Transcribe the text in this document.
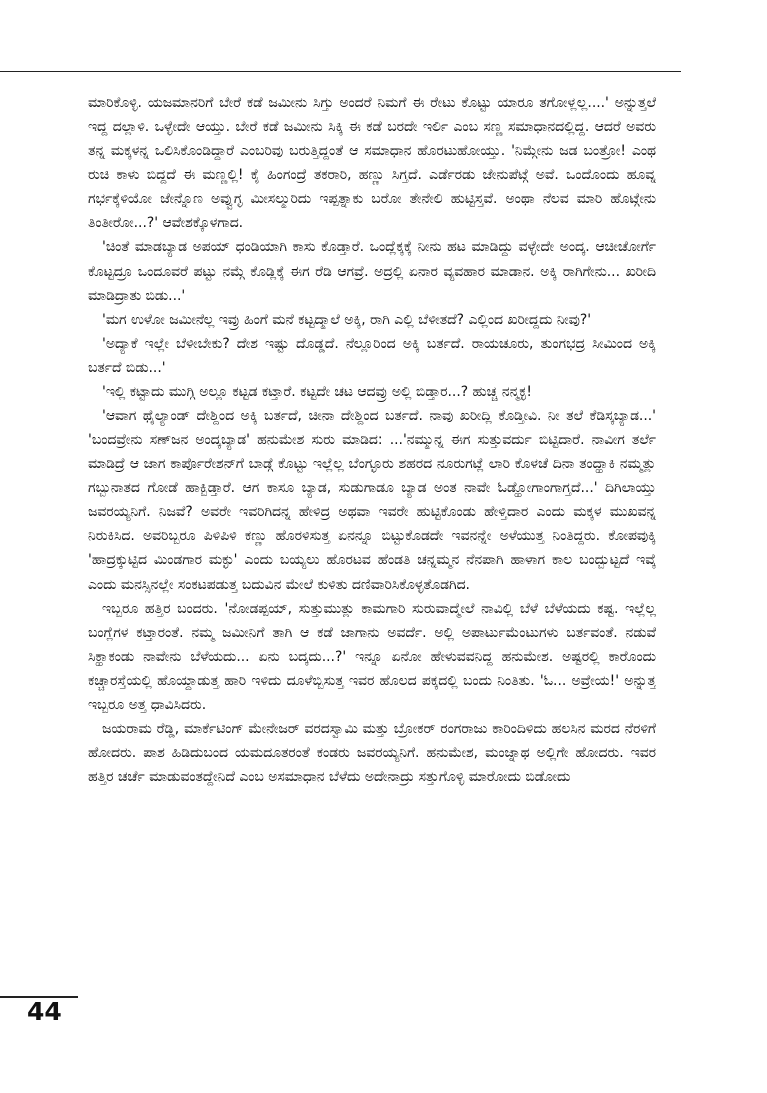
ಮಾರಿಕೊಳ್ಳಿ. ಯಜಮಾನರಿಗೆ ಬೇರೆ ಕಡೆ ಜಮೀನು ಸಿಗ್ತು ಅಂದರೆ ನಿಮಗೆ ಈ ರೇಟು ಕೊಟ್ಟು ಯಾರೂ ತಗೋಳ್ಲಲ್ಲ....' ಅನ್ನುತ್ತಲೆ ಇದ್ದ ದಲ್ಲಾಳಿ. ಒಳ್ಳೇದೇ ಆಯ್ತು. ಬೇರೆ ಕಡೆ ಜಮೀನು ಸಿಕ್ಕಿ ಈ ಕಡೆ ಬರದೇ ಇರ್ಲಿ ಎಂಬ ಸಣ್ಣ ಸಮಾಧಾನದಲ್ಲಿದ್ದ. ಆದರೆ ಅವರು ತನ್ನ ಮಕ್ಕಳನ್ನ ಒಲಿಸಿಕೊಂಡಿದ್ದಾರೆ ಎಂಬರಿವು ಬರುತ್ತಿದ್ದಂತೆ ಆ ಸಮಾಧಾನ ಹೊರಟುಹೋಯ್ತು. 'ನಿಮ್ಗೇನು ಜಡ ಬಂತ್ರೋ! ಎಂಥ ರುಚಿ ಕಾಳು ಬಿದ್ದದೆ ಈ ಮಣ್ಣಲ್ಲಿ! ಕೈ ಹಿಂಗಂದ್ರೆ ತಕರಾರಿ, ಹಣ್ಣು ಸಿಗ್ತದೆ. ಎರ್ಡೆರಡು ಜೇನುಪೆಟ್ಗೆ ಅವೆ. ಒಂದೊಂದು ಹೂವ್ನ ಗರ್ಭಕ್ಕೆಳಿಯೋ ಜೇನ್ನೊಣ ಅವ್ವುಗ್ಳ ಮೀಸಲ್ಮುರಿದು ಇಪ್ಪತ್ನಾಕು ಬರೋ ತೇನೇಲಿ ಹುಟ್ಟಿಸ್ತವೆ. ಅಂಥಾ ನೆಲವ ಮಾರಿ ಹೊಟ್ಗೇನು ತಿಂತೀರೋ...?' ಆವೇಶಕ್ಕೊಳಗಾದ.

'ಚಿಂತೆ ಮಾಡಬ್ಯಾಡ ಅಪಯ್ ಧಂಡಿಯಾಗಿ ಕಾಸು ಕೊಡ್ತಾರೆ. ಒಂದ್ಲೆಕ್ಕಕ್ಕೆ ನೀನು ಹಟ ಮಾಡಿದ್ದು ವಳ್ಳೇದೇ ಅಂದ್ಕ. ಆಚೀಚೋರ್ಗೆ ಕೊಟ್ಟದ್ರೂ ಒಂದೂವರೆ ಪಟ್ಟು ನಮ್ಗೆ ಕೊಡ್ಲಿಕ್ಕೆ ಈಗ ರೆಡಿ ಆಗವ್ರೆ. ಅದ್ರಲ್ಲಿ ಏನಾರ ವ್ಯವಹಾರ ಮಾಡಾನ. ಅಕ್ಕಿ ರಾಗಿಗೇನು... ಖರೀದಿ ಮಾಡಿದ್ರಾತು ಬಿಡು...'

'ಮಗ ಉಳೋ ಜಮೀನೆಲ್ಲ ಇವ್ರು ಹಿಂಗೆ ಮನೆ ಕಟ್ಟದ್ಮಾಲೆ ಅಕ್ಕಿ, ರಾಗಿ ಎಲ್ಲಿ ಬೆಳೀತದೆ? ಎಲ್ಲಿಂದ ಖರೀದ್ದದು ನೀವು?'

'ಅದ್ಯಾಕೆ ಇಲ್ಲೇ ಬೆಳೀಬೇಕು? ದೇಶ ಇಷ್ಟು ದೊಡ್ಡದೆ. ನೆಲ್ಲೂರಿಂದ ಅಕ್ಕಿ ಬರ್ತದೆ. ರಾಯಚೂರು, ತುಂಗಭದ್ರ ಸೀಮಿಂದ ಅಕ್ಕಿ ಬರ್ತದೆ ಬಿಡು...'

'ಇಲ್ಲಿ ಕಟ್ಟಾದು ಮುಗ್ಗಿ ಅಲ್ಲೂ ಕಟ್ಟಡ ಕಟ್ತಾರೆ. ಕಟ್ಟದೇ ಚಟ ಆದವ್ರು ಅಲ್ಲಿ ಬಿಡ್ತಾರ...? ಹುಚ್ಚ ನನ್ಮಕ್ಳ!

'ಆವಾಗ ಥೈಲ್ಯಾಂಡ್ ದೇಶ್ದಿಂದ ಅಕ್ಕಿ ಬರ್ತದೆ, ಚೀನಾ ದೇಶ್ದಿಂದ ಬರ್ತದೆ. ನಾವು ಖರೀದ್ಲಿ ಕೊಡ್ತೀವಿ. ನೀ ತಲೆ ಕೆಡಿಸ್ಕಬ್ಯಾಡ...' 'ಬಂದವ್ರೇನು ಸಣ್‌ಜನ ಅಂದ್ಕಬ್ಯಾಡ' ಹನುಮೇಶ ಸುರು ಮಾಡಿದ: ...'ನಮ್ಮುನ್ನ ಈಗ ಸುತ್ತುವರ್ದು ಬಿಟ್ಟಿದಾರೆ. ನಾವೀಗ ತರ್ಲೆ ಮಾಡಿದ್ರೆ ಆ ಜಾಗ ಕಾರ್ಪೊರೇಶನ್‌ಗೆ ಬಾಡ್ಗೆ ಕೊಟ್ಟು ಇಲ್ಲೆಲ್ಲ ಬೆಂಗ್ಳೂರು ಶಹರದ ನೂರುಗಟ್ಲೆ ಲಾರಿ ಕೊಳಚೆ ದಿನಾ ತಂದ್ಹಾಕಿ ನಮ್ಮತ್ಲು ಗಬ್ಬುನಾತದ ಗೋಡೆ ಹಾಕ್ಬಿಡ್ತಾರೆ. ಆಗ ಕಾಸೂ ಬ್ಯಾಡ, ಸುಡುಗಾಡೂ ಬ್ಯಾಡ ಅಂತ ನಾವೇ ಓಡ್ಹೋಗಾಂಗಾಗ್ತದೆ...' ದಿಗಿಲಾಯ್ತು ಜವರಯ್ಯನಿಗೆ. ನಿಜವೆ? ಅವರೇ ಇವರಿಗಿದನ್ನ ಹೇಳಿದ್ರ ಅಥವಾ ಇವರೇ ಹುಟ್ಟಿಕೊಂಡು ಹೇಳ್ತಿದಾರ ಎಂದು ಮಕ್ಕಳ ಮುಖವನ್ನ ನಿರುಕಿಸಿದ. ಅವರಿಬ್ಬರೂ ಪಿಳಿಪಿಳಿ ಕಣ್ಣು ಹೊರಳಿಸುತ್ತ ಏನನ್ನೂ ಬಿಟ್ಟುಕೊಡದೇ ಇವನನ್ನೇ ಅಳೆಯುತ್ತ ನಿಂತಿದ್ದರು. ಕೋಪವುಕ್ಕಿ 'ಹಾದ್ರಕ್ಕುಟ್ಟಿದ ಮಿಂಡಗಾರ ಮಕ್ಳು' ಎಂದು ಬಯ್ಯಲು ಹೊರಟವ ಹೆಂಡತಿ ಚನ್ನಮ್ಮನ ನೆನಪಾಗಿ ಹಾಳಾಗ ಕಾಲ ಬಂದ್ಬುಟ್ಟದೆ ಇವ್ಕೆ ಎಂದು ಮನಸ್ಸಿನಲ್ಲೇ ಸಂಕಟಪಡುತ್ತ ಬದುವಿನ ಮೇಲೆ ಕುಳಿತು ದಣಿವಾರಿಸಿಕೊಳ್ಳತೊಡಗಿದ.

ಇಬ್ಬರೂ ಹತ್ತಿರ ಬಂದರು. 'ನೋಡಪ್ಪಯ್, ಸುತ್ತುಮುತ್ಲು ಕಾಮಗಾರಿ ಸುರುವಾದ್ಮೇಲೆ ನಾವಿಲ್ಲಿ ಬೆಳೆ ಬೆಳೆಯದು ಕಷ್ಟ. ಇಲ್ಲೆಲ್ಲ ಬಂಗ್ಲೆಗಳ ಕಟ್ತಾರಂತೆ. ನಮ್ಮ ಜಮೀನಿಗೆ ತಾಗಿ ಆ ಕಡೆ ಜಾಗಾನು ಅವರ್ದೆ. ಅಲ್ಲಿ ಅಪಾರ್ಟುಮೆಂಟುಗಳು ಬರ್ತವಂತೆ. ನಡುವೆ ಸಿಕ್ಹಾಕಂಡು ನಾವೇನು ಬೆಳೆಯದು... ಏನು ಬದ್ಕದು...?' ಇನ್ನೂ ಏನೋ ಹೇಳುವವನಿದ್ದ ಹನುಮೇಶ. ಅಷ್ಟರಲ್ಲಿ ಕಾರೊಂದು ಕಚ್ಚಾರಸ್ತೆಯಲ್ಲಿ ಹೊಯ್ದಾಡುತ್ತ ಹಾರಿ ಇಳಿದು ದೂಳೆಬ್ಬಿಸುತ್ತ ಇವರ ಹೊಲದ ಪಕ್ಕದಲ್ಲಿ ಬಂದು ನಿಂತಿತು. 'ಓ... ಅವ್ರೇಯ!' ಅನ್ನುತ್ತ ಇಬ್ಬರೂ ಅತ್ತ ಧಾವಿಸಿದರು.

ಜಯರಾಮ ರೆಡ್ಡಿ, ಮಾರ್ಕೆಟಿಂಗ್ ಮೇನೇಜರ್ ವರದಸ್ವಾಮಿ ಮತ್ತು ಬ್ರೋಕರ್ ರಂಗರಾಜು ಕಾರಿಂದಿಳಿದು ಹಲಸಿನ ಮರದ ನೆರಳಿಗೆ ಹೋದರು. ಪಾಶ ಹಿಡಿದುಬಂದ ಯಮದೂತರಂತೆ ಕಂಡರು ಜವರಯ್ಯನಿಗೆ. ಹನುಮೇಶ, ಮಂಜ್ನಾಥ ಅಲ್ಲಿಗೇ ಹೋದರು. ಇವರ ಹತ್ತಿರ ಚರ್ಚೆ ಮಾಡುವಂತದ್ದೇನಿದೆ ಎಂಬ ಅಸಮಾಧಾನ ಬೆಳೆದು ಅದೇನಾದ್ರು ಸತ್ತುಗೊಳ್ಳಿ ಮಾರೋದು ಬಿಡೋದು

44
